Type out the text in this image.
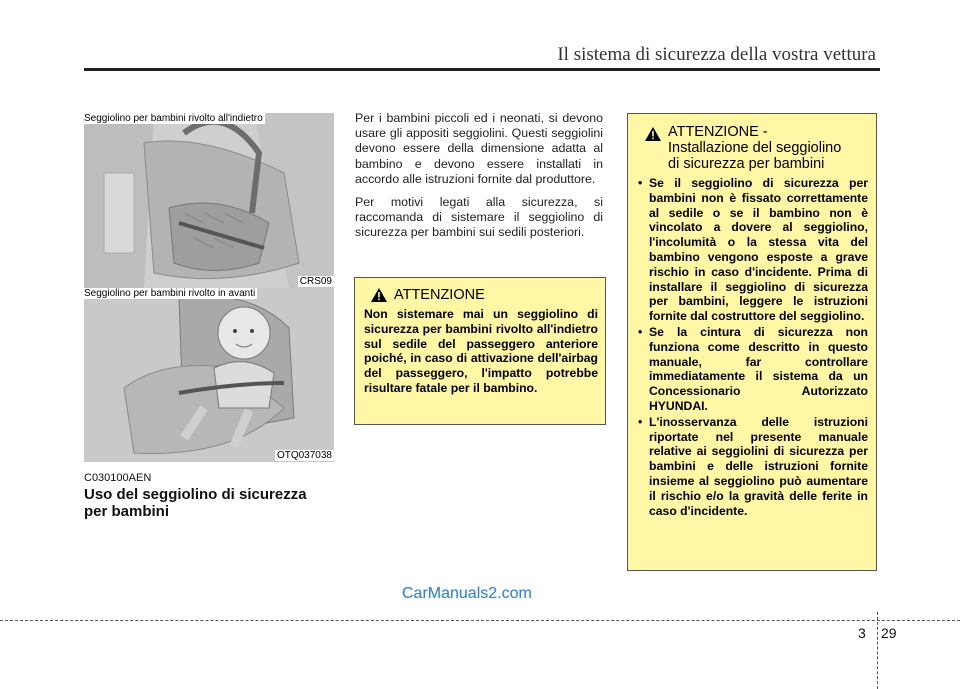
Il sistema di sicurezza della vostra vettura
Seggiolino per bambini rivolto all'indietro
CRS09
Seggiolino per bambini rivolto in avanti
OTQ037038
C030100AEN
Uso del seggiolino di sicurezza per bambini

Per i bambini piccoli ed i neonati, si devono usare gli appositi seggiolini. Questi seggiolini devono essere della dimensione adatta al bambino e devono essere installati in accordo alle istruzioni fornite dal produttore.

Per motivi legati alla sicurezza, si raccomanda di sistemare il seggiolino di sicurezza per bambini sui sedili posteriori.

ATTENZIONE
Non sistemare mai un seggiolino di sicurezza per bambini rivolto all'indietro sul sedile del passeggero anteriore poiché, in caso di attivazione dell'airbag del passeggero, l'impatto potrebbe risultare fatale per il bambino.
ATTENZIONE -
Installazione del seggiolino
di sicurezza per bambini
• Se il seggiolino di sicurezza per bambini non è fissato correttamente al sedile o se il bambino non è vincolato a dovere al seggiolino, l'incolumità o la stessa vita del bambino vengono esposte a grave rischio in caso d'incidente. Prima di installare il seggiolino di sicurezza per bambini, leggere le istruzioni fornite dal costruttore del seggiolino.
• Se la cintura di sicurezza non funziona come descritto in questo manuale, far controllare immediatamente il sistema da un Concessionario Autorizzato HYUNDAI.
• L'inosservanza delle istruzioni riportate nel presente manuale relative ai seggiolini di sicurezza per bambini e delle istruzioni fornite insieme al seggiolino può aumentare il rischio e/o la gravità delle ferite in caso d'incidente.
CarManuals2.com
3 29
